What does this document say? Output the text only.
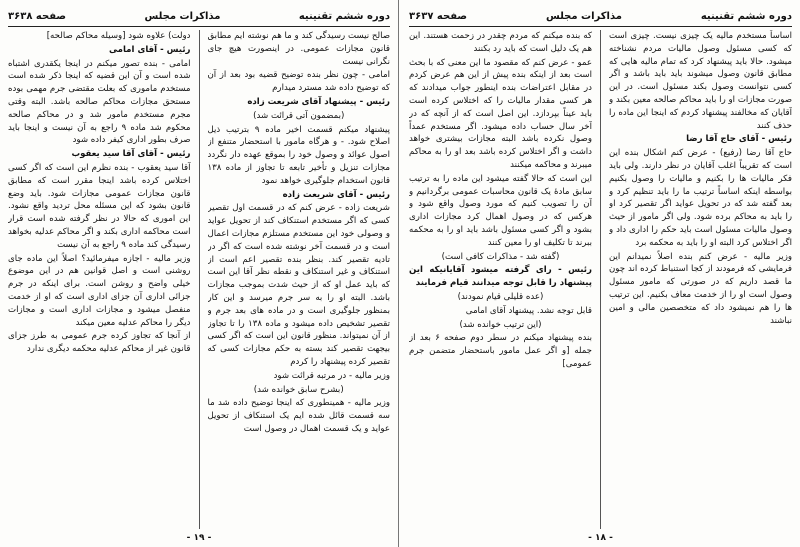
دوره ششم تقنینیه
مذاکرات مجلس
صفحه ۳۶۳۸

صالح نیست رسیدگی کند و ما هم نوشته ایم مطابق قانون مجازات عمومی. در اینصورت هیچ جای نگرانی نیست

امامی - چون نظر بنده توضیح قضیه بود بعد از آن که توضیح داده شد مسترد میدارم

رئیس - پیشنهاد آقای شریعت زاده

(بمضمون آتی قرائت شد)

پیشنهاد میکنم قسمت اخیر ماده ۹ بترتیب ذیل اصلاح شود. - و هرگاه مامور با استحضار متنفع از اصول عوائد و وصول خود را بموقع عهده دار نگردد مجازات تنزیل و تأخیر تابعه تا تجاوز از ماده ۱۳۸ قانون استخدام جلوگیری خواهد نمود

رئیس - آقای شریعت زاده

شریعت زاده - عرض کنم که در قسمت اول تقصیر کسی که اگر مستخدم استنکاف کند از تحویل عواید و وصولی خود این مستخدم مستلزم مجازات اعمال است و در قسمت آخر نوشته شده است که اگر در تادیه تقصیر کند. بنظر بنده تقصیر اعم است از استنکاف و غیر استنکاف و نقطه نظر آقا این است که باید عمل او که از حیث شدت بموجب مجازات باشد. البته او را به سر جرم میرسد و این کار بمنظور جلوگیری است و در ماده های بعد جرم و تقصیر تشخیص داده میشود و ماده ۱۳۸ را تا تجاوز از آن نمیتواند. منظور قانون این است که اگر کسی بیجهت تقصیر کند بسته به حکم مجازات کسی که تقصیر کرده پیشنهاد را کردم

وزیر مالیه - در مرتبه قرائت شود

(بشرح سابق خوانده شد)

وزیر مالیه - همینطوری که اینجا توضیح داده شد ما سه قسمت قائل شده ایم یک استنکاف از تحویل عواید و یک قسمت اهمال در وصول است

دولت) علاوه شود [وسیله محاکم صالحه]

رئیس - آقای امامی

امامی - بنده تصور میکنم در اینجا یکقدری اشتباه شده است و آن این قضیه که اینجا ذکر شده است مستخدم ماموری که بعلت مقتضی جرم مهمی بوده مستحق مجازات محاکم صالحه باشد. البته وقتی مجرم مستخدم مامور شد و در محاکم صالحه محکوم شد ماده ۹ راجع به آن نیست و اینجا باید صرف بطور اداری کیفر داده شود

رئیس - آقای آقا سید یعقوب

آقا سید یعقوب - بنده نظرم این است که اگر کسی اختلاس کرده باشد اینجا مقرر است که مطابق قانون مجازات عمومی مجازات شود. باید وضع قانون بشود که این مسئله محل تردید واقع نشود. این اموری که حالا در نظر گرفته شده است قرار است محاکمه اداری بکند و اگر محاکم عدلیه بخواهد رسیدگی کند ماده ۹ راجع به آن نیست

وزیر مالیه - اجازه میفرمائید؟ اصلاً این ماده جای روشنی است و اصل قوانین هم در این موضوع خیلی واضح و روشن است. برای اینکه در جرم جزائی اداری آن جزای اداری است که او از خدمت منفصل میشود و مجازات اداری است و مجازات دیگر را محاکم عدلیه معین میکند

از آنجا که تجاوز کرده جرم عمومی به طرز جزای قانون غیر از محاکم عدلیه محکمه دیگری ندارد

- ۱۹ -
دوره ششم تقنینیه
مذاکرات مجلس
صفحه ۳۶۳۷

اساساً مستخدم مالیه یک چیزی نیست. چیزی است که کسی مسئول وصول مالیات مردم نشناخته میشود. حالا باید پیشنهاد کرد که تمام مالیه هایی که مطابق قانون وصول میشوند باید باید باشد و اگر کسی نتوانست وصول بکند مسئول است. در این صورت مجازات او را باید محاکم صالحه معین بکند و آقایان که مخالفند پیشنهاد کردم که اینجا این ماده را حذف کنند

رئیس - آقای حاج آقا رضا

حاج آقا رضا (رفیع) - عرض کنم اشکال بنده این است که تقریباً اغلب آقایان در نظر دارند. ولی باید فکر مالیات ها را بکنیم و مالیات را وصول بکنیم بواسطه اینکه اساساً ترتیب ما را باید تنظیم کرد و بعد گفته شد که در تحویل عواید اگر تقصیر کرد او را باید به محاکم برده شود. ولی اگر مامور از حیث وصول مالیات مسئول است باید حکم را اداری داد و اگر اختلاس کرد البته او را باید به محکمه برد

وزیر مالیه - عرض کنم بنده اصلاً نمیدانم این فرمایشی که فرمودند از کجا استنباط کرده اند چون ما قصد داریم که در صورتی که مامور مسئول وصول است او را از خدمت معاف بکنیم. این ترتیب ها را هم نمیشود داد که متخصصین مالی و امین نباشند

که بنده میکنم که مردم چقدر در زحمت هستند. این هم یک دلیل است که باید رد بکنند

عمو - عرض کنم که مقصود ما این معنی که با بحث است بعد از اینکه بنده پیش از این هم عرض کردم در مقابل اعتراضات بنده اینطور جواب میدادند که هر کسی مقدار مالیات را که اختلاس کرده است باید عیناً بپردازد. این اصل است که از آنچه که در آخر سال حساب داده میشود. اگر مستخدم عمداً وصول نکرده باشد البته مجازات بیشتری خواهد داشت و اگر اختلاس کرده باشد بعد او را به محاکم میبرند و محاکمه میکنند

این است که حالا گفته میشود این ماده را به ترتیب سابق مادهٔ یک قانون محاسبات عمومی برگردانیم و آن را تصویب کنیم که مورد وصول واقع شود و هرکس که در وصول اهمال کرد مجازات اداری بشود و اگر کسی مسئول باشد باید او را به محکمه ببرند تا تکلیف او را معین کنند

(گفته شد - مذاکرات کافی است)

رئیس - رای گرفته میشود آقایانیکه این پیشنهاد را قابل توجه میدانند قیام فرمایند

(عده قلیلی قیام نمودند)

قابل توجه نشد. پیشنهاد آقای امامی

(این ترتیب خوانده شد)

بنده پیشنهاد میکنم در سطر دوم صفحه ۶ بعد از جمله [و اگر عمل مامور باستحضار متضمن جرم عمومی]

- ۱۸ -
